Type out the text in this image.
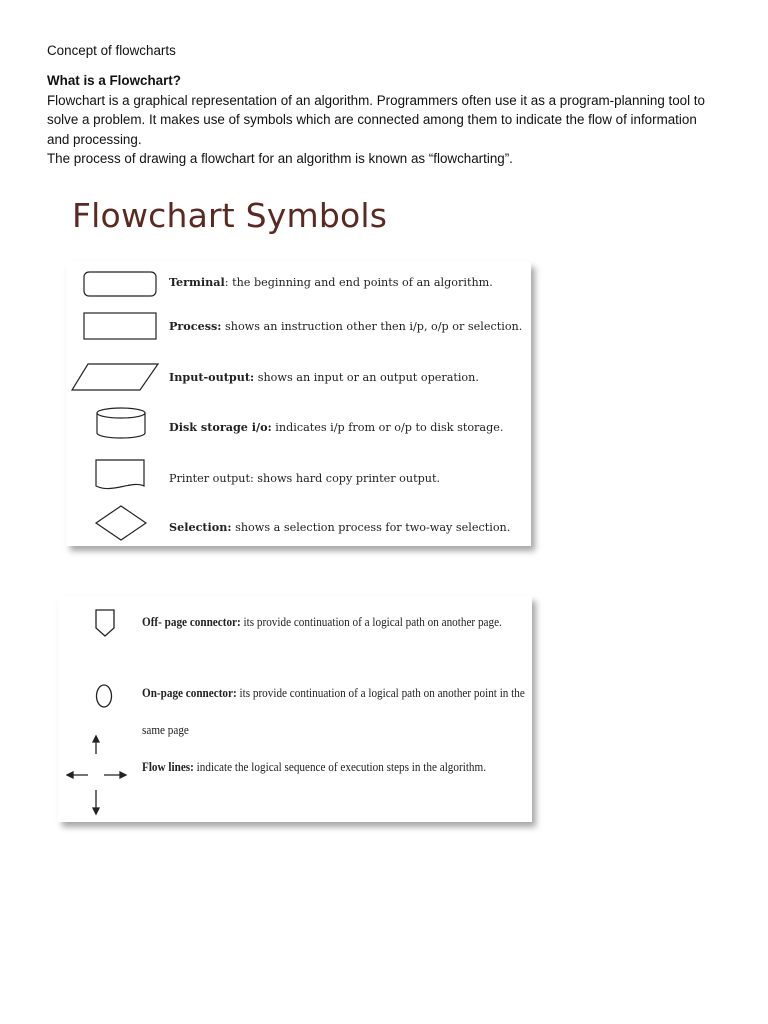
Concept of flowcharts

What is a Flowchart?

Flowchart is a graphical representation of an algorithm. Programmers often use it as a program-planning tool to solve a problem. It makes use of symbols which are connected among them to indicate the flow of information and processing.

The process of drawing a flowchart for an algorithm is known as “flowcharting”.

Flowchart Symbols
Terminal: the beginning and end points of an algorithm.
Process: shows an instruction other then i/p, o/p or selection.
Input-output: shows an input or an output operation.
Disk storage i/o: indicates i/p from or o/p to disk storage.
Printer output: shows hard copy printer output.
Selection: shows a selection process for two-way selection.
Off- page connector: its provide continuation of a logical path on another page.
On-page connector: its provide continuation of a logical path on another point in the
same page
Flow lines: indicate the logical sequence of execution steps in the algorithm.
